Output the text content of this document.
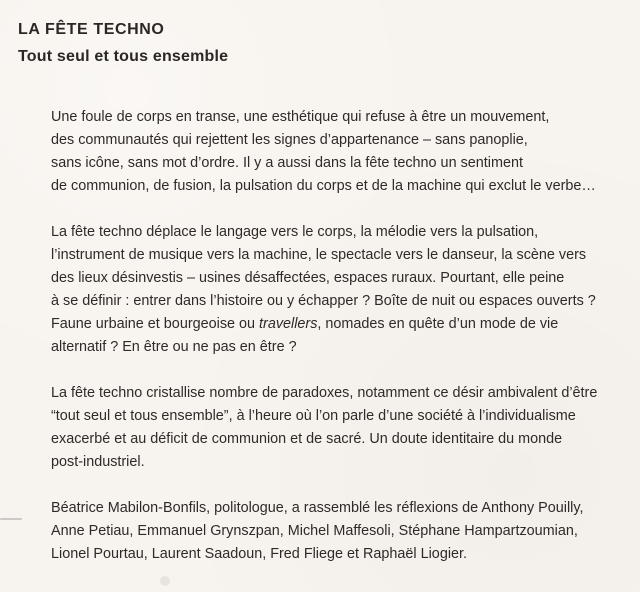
LA FÊTE TECHNO
Tout seul et tous ensemble

Une foule de corps en transe, une esthétique qui refuse à être un mouvement,
des communautés qui rejettent les signes d’appartenance – sans panoplie,
sans icône, sans mot d’ordre. Il y a aussi dans la fête techno un sentiment
de communion, de fusion, la pulsation du corps et de la machine qui exclut le verbe…

La fête techno déplace le langage vers le corps, la mélodie vers la pulsation,
l’instrument de musique vers la machine, le spectacle vers le danseur, la scène vers
des lieux désinvestis – usines désaffectées, espaces ruraux. Pourtant, elle peine
à se définir : entrer dans l’histoire ou y échapper ? Boîte de nuit ou espaces ouverts ?
Faune urbaine et bourgeoise ou travellers, nomades en quête d’un mode de vie
alternatif ? En être ou ne pas en être ?

La fête techno cristallise nombre de paradoxes, notamment ce désir ambivalent d’être
“tout seul et tous ensemble”, à l’heure où l’on parle d’une société à l’individualisme
exacerbé et au déficit de communion et de sacré. Un doute identitaire du monde
post-industriel.

Béatrice Mabilon-Bonfils, politologue, a rassemblé les réflexions de Anthony Pouilly,
Anne Petiau, Emmanuel Grynszpan, Michel Maffesoli, Stéphane Hampartzoumian,
Lionel Pourtau, Laurent Saadoun, Fred Fliege et Raphaël Liogier.
